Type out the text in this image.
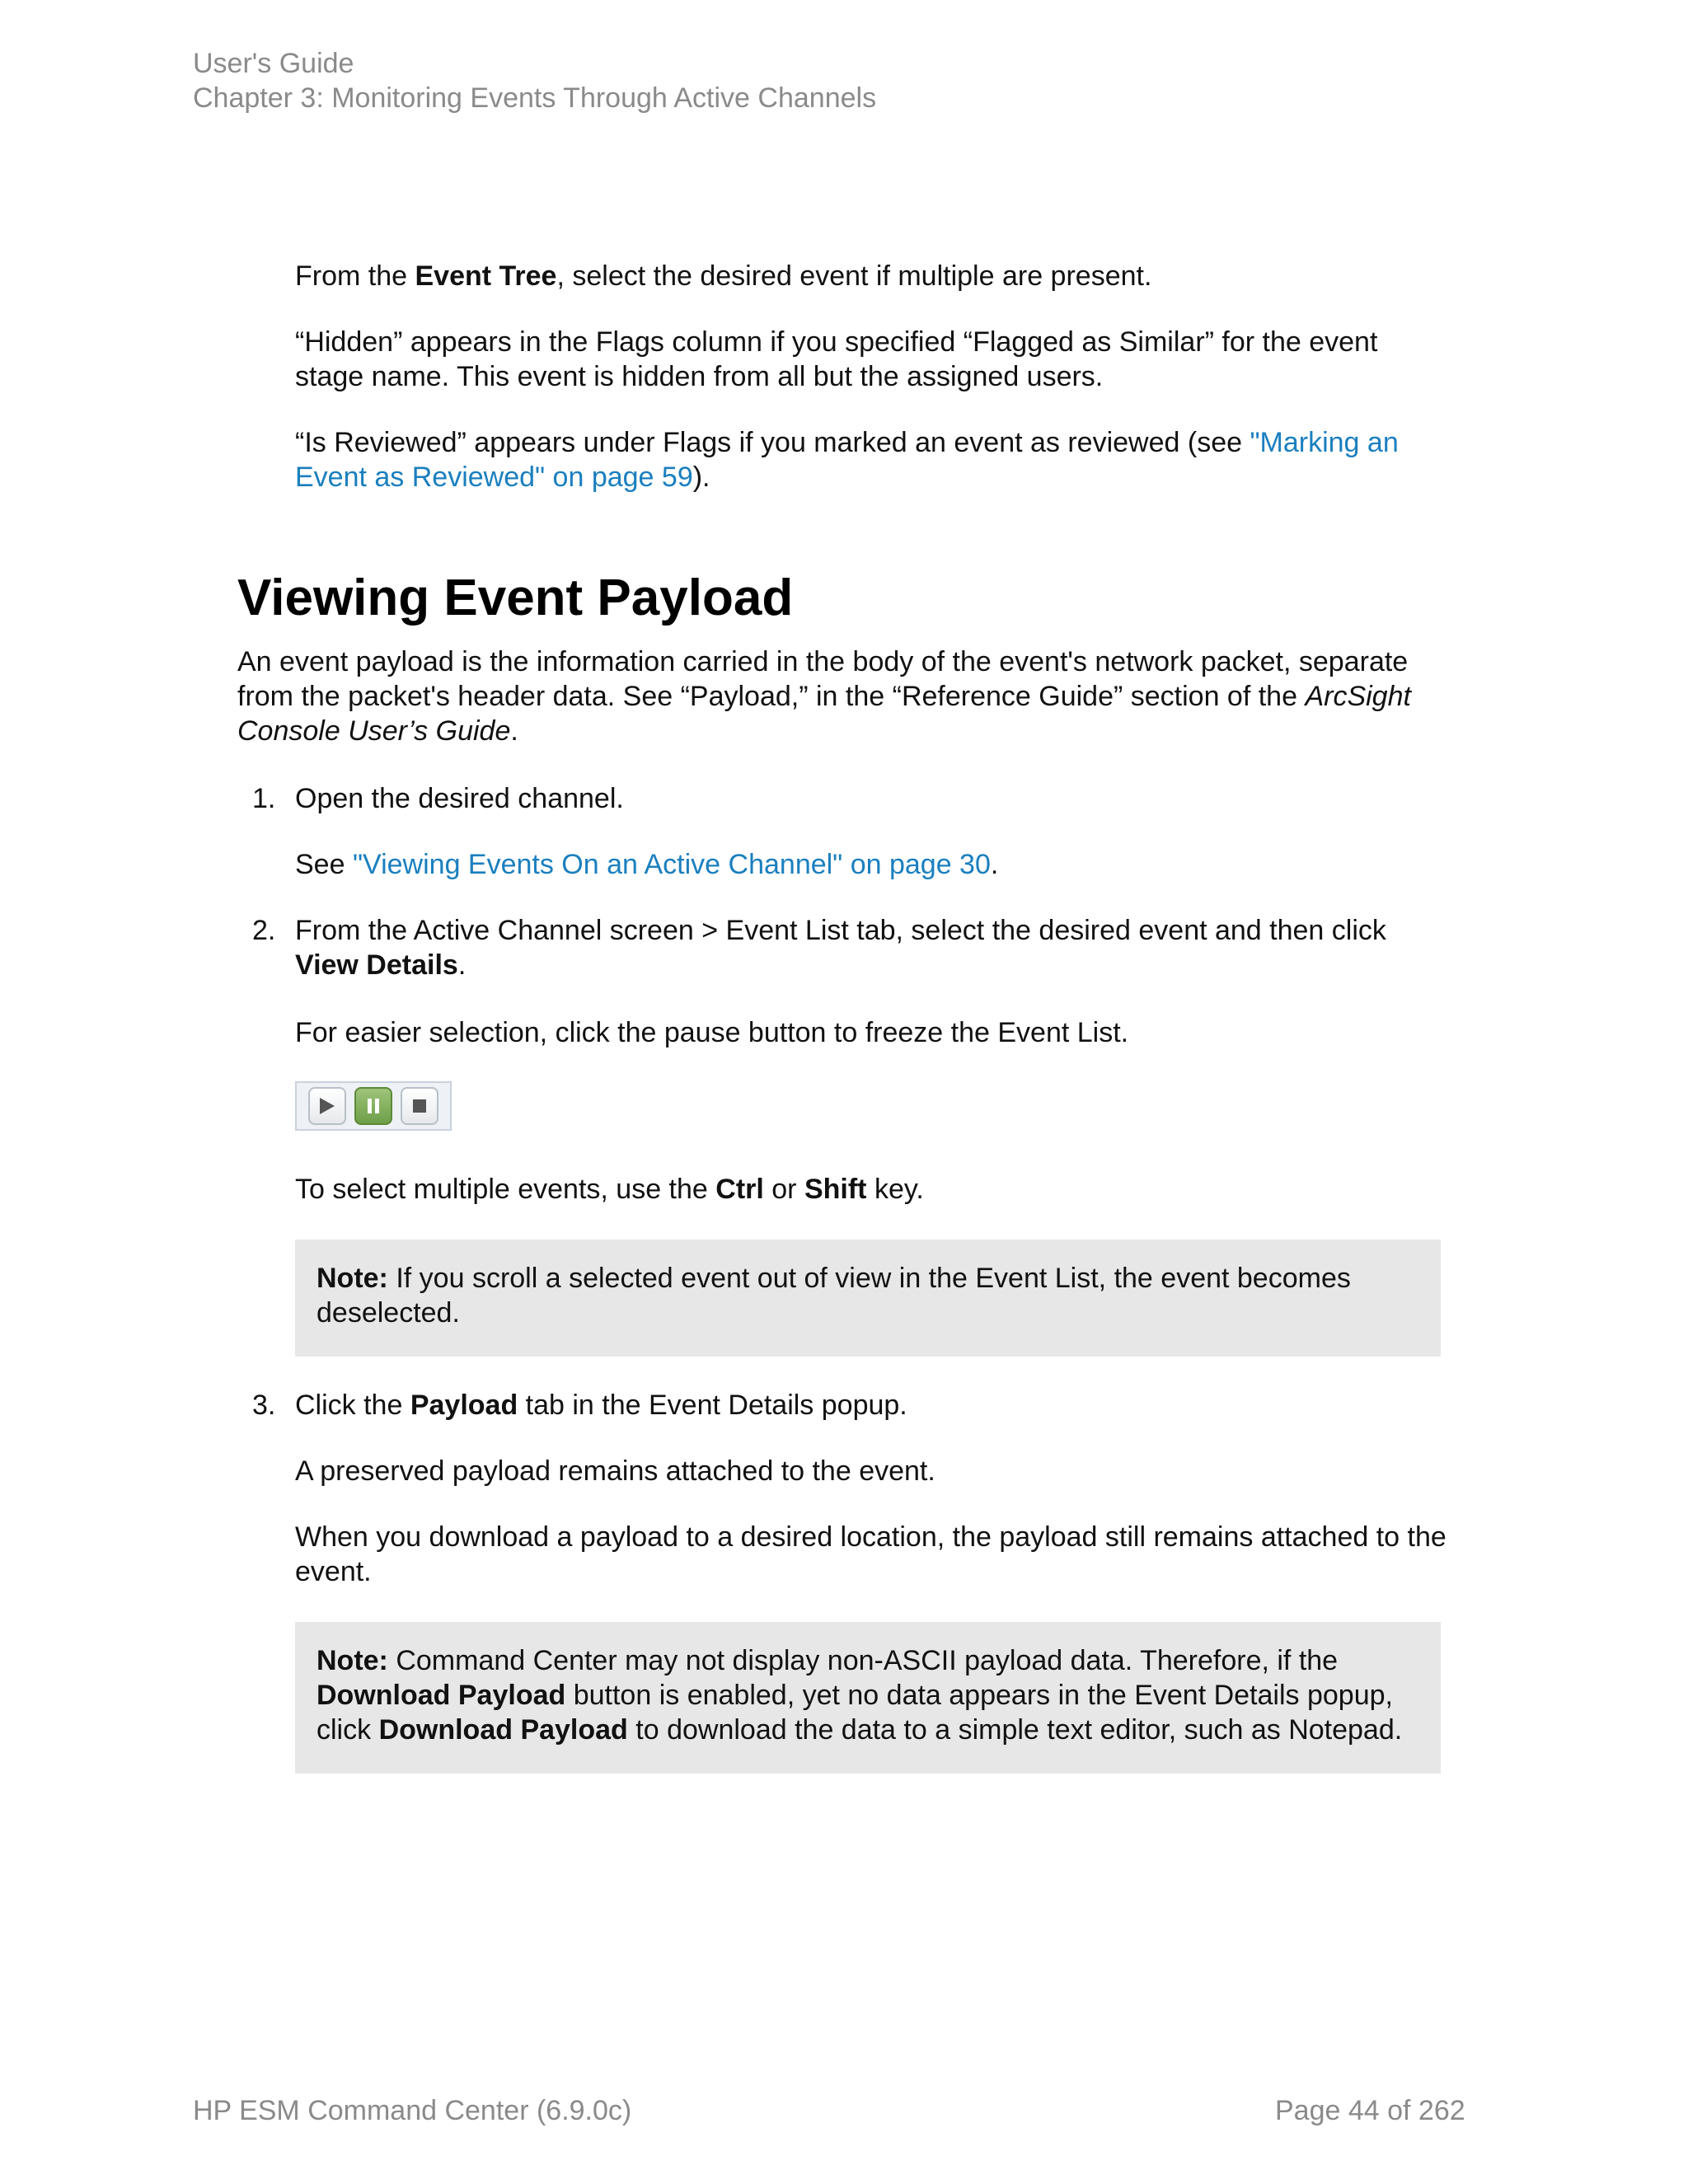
User's Guide
Chapter 3: Monitoring Events Through Active Channels

From the Event Tree, select the desired event if multiple are present.

“Hidden” appears in the Flags column if you specified “Flagged as Similar” for the event stage name. This event is hidden from all but the assigned users.

“Is Reviewed” appears under Flags if you marked an event as reviewed (see "Marking an Event as Reviewed" on page 59).

Viewing Event Payload

An event payload is the information carried in the body of the event's network packet, separate from the packet's header data. See “Payload,” in the “Reference Guide” section of the ArcSight Console User’s Guide.

1. Open the desired channel.

See "Viewing Events On an Active Channel" on page 30.

2. From the Active Channel screen > Event List tab, select the desired event and then click View Details.

For easier selection, click the pause button to freeze the Event List.

To select multiple events, use the Ctrl or Shift key.

Note: If you scroll a selected event out of view in the Event List, the event becomes deselected.
3. Click the Payload tab in the Event Details popup.

A preserved payload remains attached to the event.

When you download a payload to a desired location, the payload still remains attached to the event.

Note: Command Center may not display non-ASCII payload data. Therefore, if the Download Payload button is enabled, yet no data appears in the Event Details popup, click Download Payload to download the data to a simple text editor, such as Notepad.
HP ESM Command Center (6.9.0c)	Page 44 of 262
